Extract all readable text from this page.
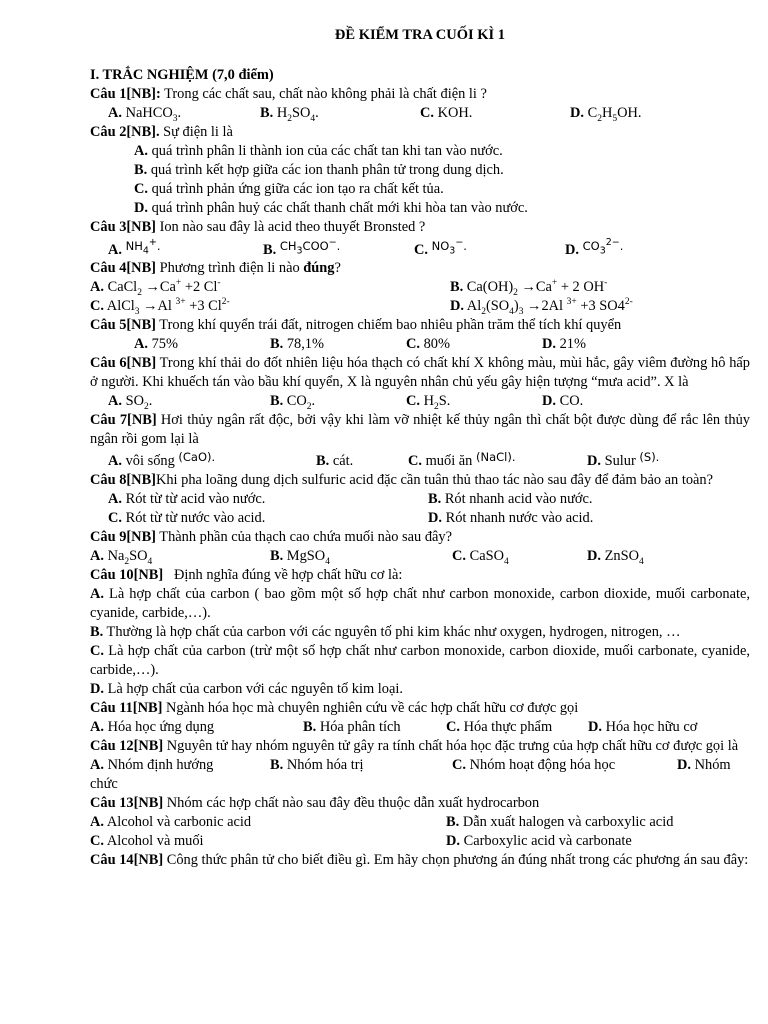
ĐỀ KIỂM TRA CUỐI KÌ 1
I. TRẮC NGHIỆM (7,0 điểm)
Câu 1[NB]: Trong các chất sau, chất nào không phải là chất điện li ?
A. NaHCO$_3$.	B. $H_2SO_4$.	C. KOH.	D. $C_2H_5OH$.
Câu 2[NB]. Sự điện li là
A. quá trình phân li thành ion của các chất tan khi tan vào nước.
B. quá trình kết hợp giữa các ion thanh phân tử trong dung dịch.
C. quá trình phản ứng giữa các ion tạo ra chất kết tủa.
D. quá trình phân huỷ các chất thanh chất mới khi hòa tan vào nước.
Câu 3[NB] Ion nào sau đây là acid theo thuyết Bronsted ?
A. $^{NH_4^+.}$	B. $^{CH_3COO^-.}$	C. $^{NO_3^-.}$	D. $^{CO_3^{2-}.}$
Câu 4[NB] Phương trình điện li nào đúng?
A. CaCl$_2$ →Ca+ +2 Cl-	B. $Ca(OH)_2 \to Ca^+ + 2$ OH-
C. AlCl$_3$ →Al $^{3+}$ +3 $Cl^{2-}$	D. $Al_2(SO_4)_3 \to 2Al$ $^{3+}$ +3 $SO4^{2-}$
Câu 5[NB] Trong khí quyển trái đất, nitrogen chiếm bao nhiêu phần trăm thể tích khí quyển
A. 75%	B. 78,1%	C. 80%	D. 21%
Câu 6[NB] Trong khí thải do đốt nhiên liệu hóa thạch có chất khí X không màu, mùi hắc, gây viêm đường hô hấp ở người. Khi khuếch tán vào bầu khí quyển, X là nguyên nhân chủ yếu gây hiện tượng “mưa acid”. X là
A. $SO_2$.	B. $CO_2$.	C. $H_2S$.	D. CO.
Câu 7[NB] Hơi thủy ngân rất độc, bởi vậy khi làm vỡ nhiệt kế thủy ngân thì chất bột được dùng để rắc lên thủy ngân rồi gom lại là
A. vôi sống $^{(CaO).}$	B. cát.	C. muối ăn $^{(NaCl).}$	D. Sulur $^{(S).}$
Câu 8[NB]Khi pha loãng dung dịch sulfuric acid đặc cần tuân thủ thao tác nào sau đây để đảm bảo an toàn?
A. Rót từ từ acid vào nước.	B. Rót nhanh acid vào nước.
C. Rót từ từ nước vào acid.	D. Rót nhanh nước vào acid.
Câu 9[NB] Thành phần của thạch cao chứa muối nào sau đây?
A. $Na_2SO_4$	B. MgSO$_4$	C. CaSO$_4$	D. ZnSO$_4$
Câu 10[NB]   Định nghĩa đúng về hợp chất hữu cơ là:
A. Là hợp chất của carbon ( bao gồm một số hợp chất như carbon monoxide, carbon dioxide, muối carbonate, cyanide, carbide,…).
B. Thường là hợp chất của carbon với các nguyên tố phi kim khác như oxygen, hydrogen, nitrogen, …
C. Là hợp chất của carbon (trừ một số hợp chất như carbon monoxide, carbon dioxide, muối carbonate, cyanide, carbide,…).
D. Là hợp chất của carbon với các nguyên tố kim loại.
Câu 11[NB] Ngành hóa học mà chuyên nghiên cứu về các hợp chất hữu cơ được gọi
A. Hóa học ứng dụng	B. Hóa phân tích	C. Hóa thực phẩm D. Hóa học hữu cơ
Câu 12[NB] Nguyên tử hay nhóm nguyên tử gây ra tính chất hóa học đặc trưng của hợp chất hữu cơ được gọi là
A. Nhóm định hướng	B. Nhóm hóa trị	C. Nhóm hoạt động hóa học	D. Nhóm
chức
Câu 13[NB] Nhóm các hợp chất nào sau đây đều thuộc dẫn xuất hydrocarbon
A. Alcohol và carbonic acid	B. Dẫn xuất halogen và carboxylic acid
C. Alcohol và muối	D. Carboxylic acid và carbonate
Câu 14[NB] Công thức phân tử cho biết điều gì. Em hãy chọn phương án đúng nhất trong các phương án sau đây:
